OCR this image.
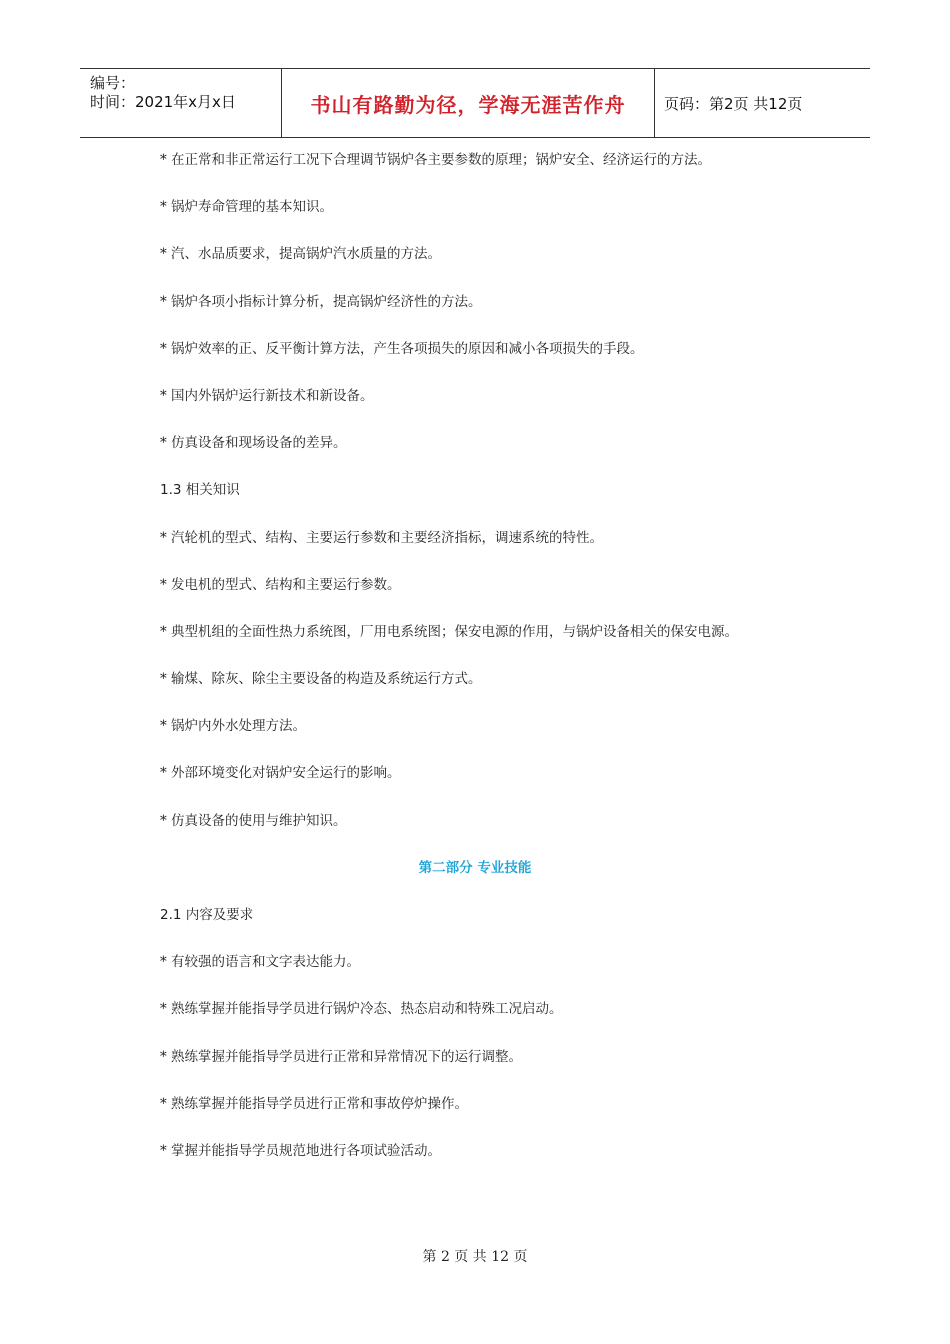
编号：
时间：2021年x月x日	书山有路勤为径，学海无涯苦作舟	页码：第2页 共12页

* 在正常和非正常运行工况下合理调节锅炉各主要参数的原理；锅炉安全、经济运行的方法。

* 锅炉寿命管理的基本知识。

* 汽、水品质要求，提高锅炉汽水质量的方法。

* 锅炉各项小指标计算分析，提高锅炉经济性的方法。

* 锅炉效率的正、反平衡计算方法，产生各项损失的原因和减小各项损失的手段。

* 国内外锅炉运行新技术和新设备。

* 仿真设备和现场设备的差异。

1.3 相关知识

* 汽轮机的型式、结构、主要运行参数和主要经济指标，调速系统的特性。

* 发电机的型式、结构和主要运行参数。

* 典型机组的全面性热力系统图，厂用电系统图；保安电源的作用，与锅炉设备相关的保安电源。

* 输煤、除灰、除尘主要设备的构造及系统运行方式。

* 锅炉内外水处理方法。

* 外部环境变化对锅炉安全运行的影响。

* 仿真设备的使用与维护知识。

第二部分 专业技能

2.1 内容及要求

* 有较强的语言和文字表达能力。

* 熟练掌握并能指导学员进行锅炉冷态、热态启动和特殊工况启动。

* 熟练掌握并能指导学员进行正常和异常情况下的运行调整。

* 熟练掌握并能指导学员进行正常和事故停炉操作。

* 掌握并能指导学员规范地进行各项试验活动。

第 2 页 共 12 页
